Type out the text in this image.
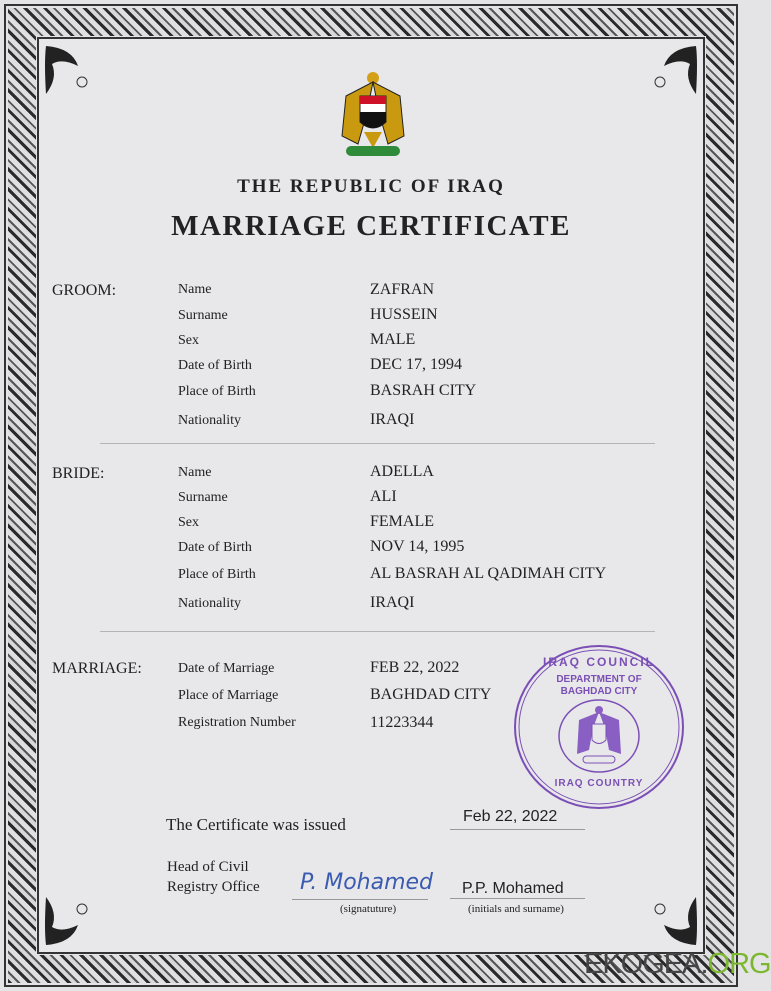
THE REPUBLIC OF IRAQ
MARRIAGE CERTIFICATE
GROOM:	Name	ZAFRAN
Surname	HUSSEIN
Sex	MALE
Date of Birth	DEC 17, 1994
Place of Birth	BASRAH CITY
Nationality	IRAQI
BRIDE:	Name	ADELLA
Surname	ALI
Sex	FEMALE
Date of Birth	NOV 14, 1995
Place of Birth	AL BASRAH AL QADIMAH CITY
Nationality	IRAQI
MARRIAGE:	Date of Marriage	FEB 22, 2022
Place of Marriage	BAGHDAD CITY
Registration Number	11223344
IRAQ COUNCIL
DEPARTMENT OF BAGHDAD CITY
IRAQ COUNTRY
The Certificate was issued	Feb 22, 2022
Head of Civil
Registry Office P. Mohamed
(signatuture)
P.P. Mohamed
(initials and surname)
EKOGEA.ORG
